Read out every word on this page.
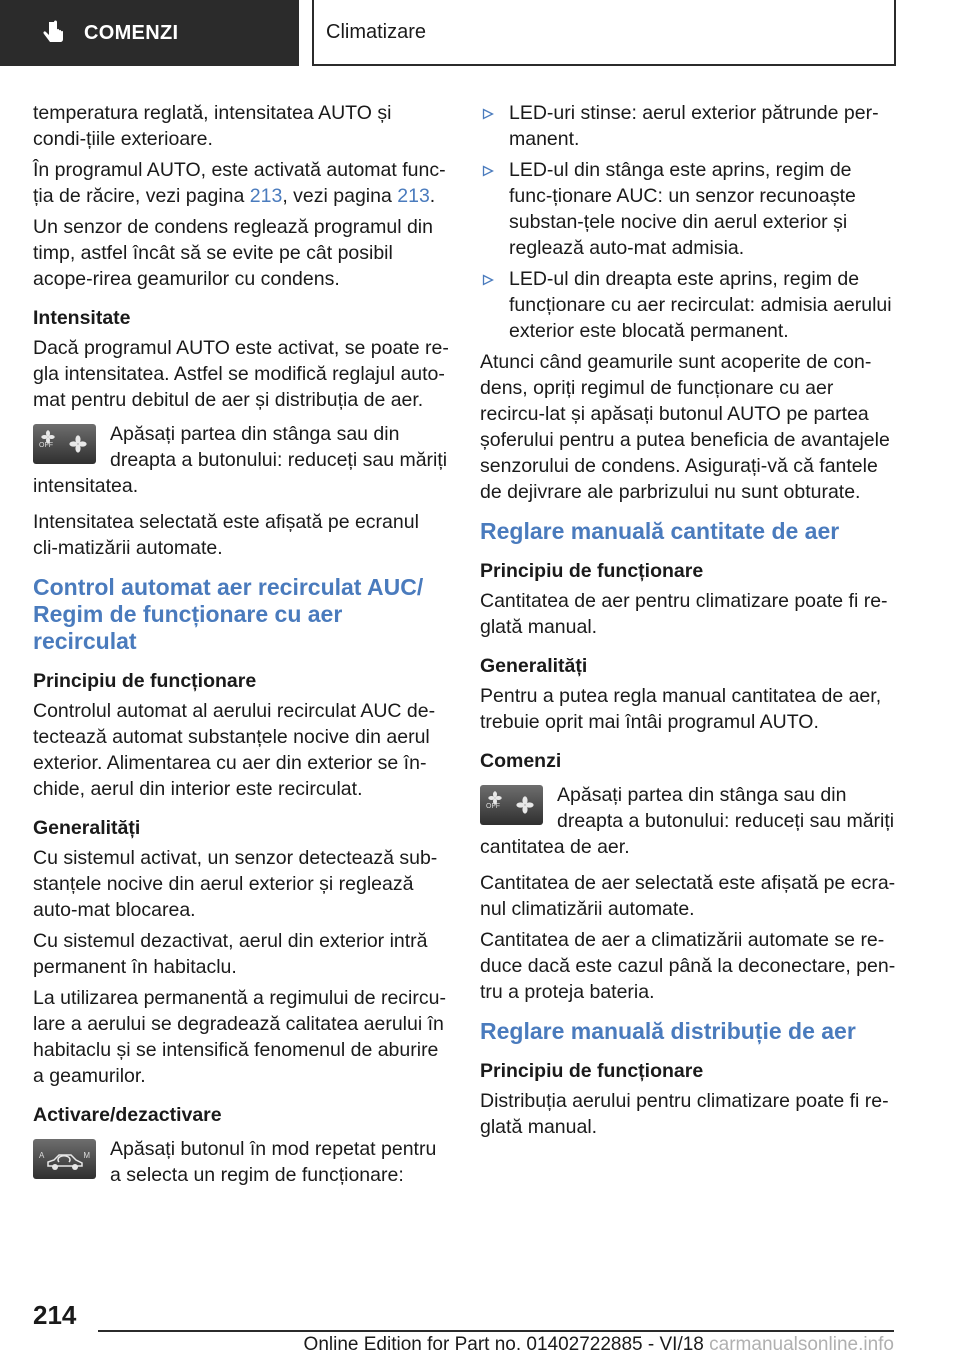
COMENZI	Climatizare

temperatura reglată, intensitatea AUTO și condi‐țiile exterioare.

În programul AUTO, este activată automat func‐ția de răcire, vezi pagina 213, vezi pagina 213.

Un senzor de condens reglează programul din timp, astfel încât să se evite pe cât posibil acope‐rirea geamurilor cu condens.

Intensitate

Dacă programul AUTO este activat, se poate re‐gla intensitatea. Astfel se modifică reglajul auto‐mat pentru debitul de aer și distribuția de aer.

OFF
Apăsați partea din stânga sau din dreapta a butonului: reduceți sau măriți intensitatea.

Intensitatea selectată este afișată pe ecranul cli‐matizării automate.

Control automat aer recirculat AUC/ Regim de funcționare cu aer recirculat
Principiu de funcționare

Controlul automat al aerului recirculat AUC de‐tectează automat substanțele nocive din aerul exterior. Alimentarea cu aer din exterior se în‐chide, aerul din interior este recirculat.

Generalități

Cu sistemul activat, un senzor detectează sub‐stanțele nocive din aerul exterior și reglează auto‐mat blocarea.

Cu sistemul dezactivat, aerul din exterior intră permanent în habitaclu.

La utilizarea permanentă a regimului de recircu‐lare a aerului se degradează calitatea aerului în habitaclu și se intensifică fenomenul de aburire a geamurilor.

Activare/dezactivare
A	M Apăsați butonul în mod repetat pentru a selecta un regim de funcționare:
LED-uri stinse: aerul exterior pătrunde per‐manent.
LED-ul din stânga este aprins, regim de func‐ționare AUC: un senzor recunoaște substan‐țele nocive din aerul exterior și reglează auto‐mat admisia.
LED-ul din dreapta este aprins, regim de funcționare cu aer recirculat: admisia aerului exterior este blocată permanent.

Atunci când geamurile sunt acoperite de con‐dens, opriți regimul de funcționare cu aer recircu‐lat și apăsați butonul AUTO pe partea șoferului pentru a putea beneficia de avantajele senzorului de condens. Asigurați-vă că fantele de dejivrare ale parbrizului nu sunt obturate.

Reglare manuală cantitate de aer
Principiu de funcționare

Cantitatea de aer pentru climatizare poate fi re‐glată manual.

Generalități

Pentru a putea regla manual cantitatea de aer, trebuie oprit mai întâi programul AUTO.

Comenzi
OFF
Apăsați partea din stânga sau din dreapta a butonului: reduceți sau măriți cantitatea de aer.

Cantitatea de aer selectată este afișată pe ecra‐nul climatizării automate.

Cantitatea de aer a climatizării automate se re‐duce dacă este cazul până la deconectare, pen‐tru a proteja bateria.

Reglare manuală distribuție de aer
Principiu de funcționare

Distribuția aerului pentru climatizare poate fi re‐glată manual.

214
Online Edition for Part no. 01402722885 - VI/18 carmanualsonline.info
